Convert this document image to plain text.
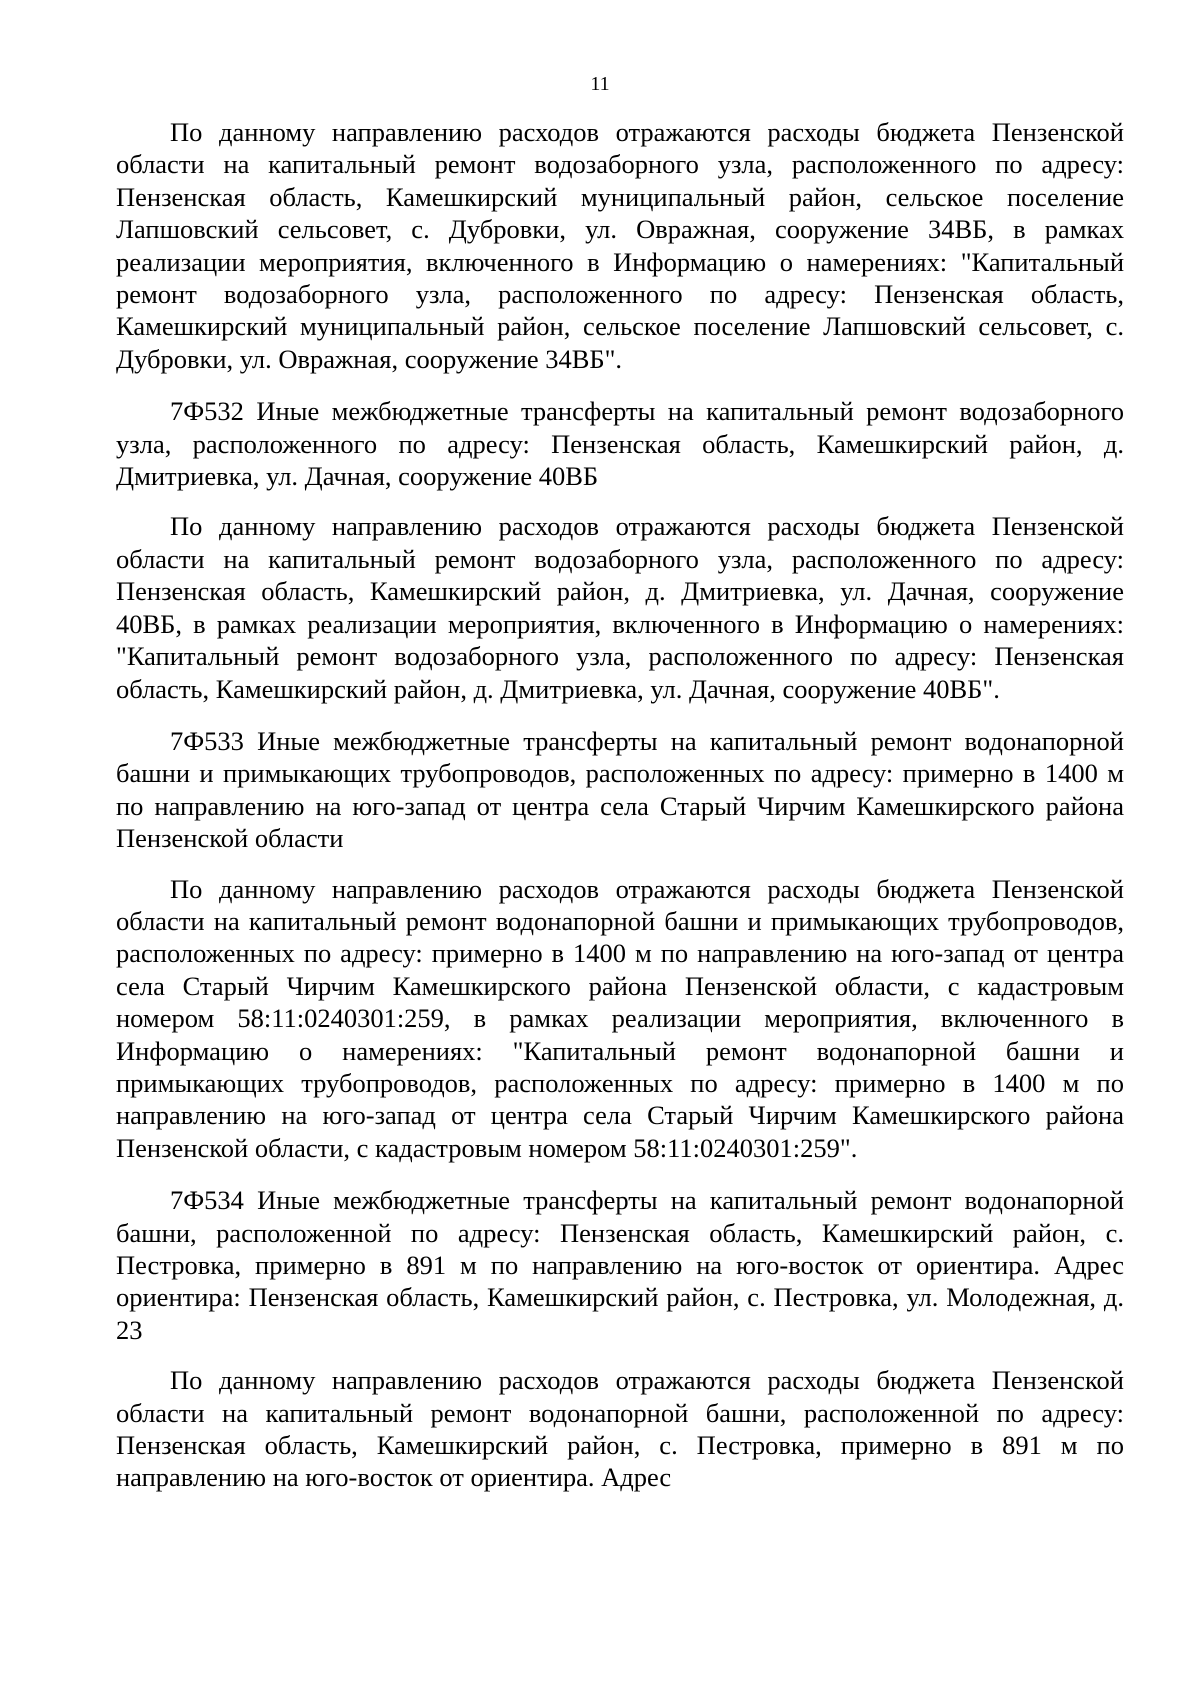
11

По данному направлению расходов отражаются расходы бюджета Пензенской области на капитальный ремонт водозаборного узла, расположенного по адресу: Пензенская область, Камешкирский муниципальный район, сельское поселение Лапшовский сельсовет, с. Дубровки, ул. Овражная, сооружение 34ВБ, в рамках реализации мероприятия, включенного в Информацию о намерениях: "Капитальный ремонт водозаборного узла, расположенного по адресу: Пензенская область, Камешкирский муниципальный район, сельское поселение Лапшовский сельсовет, с. Дубровки, ул. Овражная, сооружение 34ВБ".

7Ф532 Иные межбюджетные трансферты на капитальный ремонт водозаборного узла, расположенного по адресу: Пензенская область, Камешкирский район, д. Дмитриевка, ул. Дачная, сооружение 40ВБ

По данному направлению расходов отражаются расходы бюджета Пензенской области на капитальный ремонт водозаборного узла, расположенного по адресу: Пензенская область, Камешкирский район, д. Дмитриевка, ул. Дачная, сооружение 40ВБ, в рамках реализации мероприятия, включенного в Информацию о намерениях: "Капитальный ремонт водозаборного узла, расположенного по адресу: Пензенская область, Камешкирский район, д. Дмитриевка, ул. Дачная, сооружение 40ВБ".

7Ф533 Иные межбюджетные трансферты на капитальный ремонт водонапорной башни и примыкающих трубопроводов, расположенных по адресу: примерно в 1400 м по направлению на юго-запад от центра села Старый Чирчим Камешкирского района Пензенской области

По данному направлению расходов отражаются расходы бюджета Пензенской области на капитальный ремонт водонапорной башни и примыкающих трубопроводов, расположенных по адресу: примерно в 1400 м по направлению на юго-запад от центра села Старый Чирчим Камешкирского района Пензенской области, с кадастровым номером 58:11:0240301:259, в рамках реализации мероприятия, включенного в Информацию о намерениях: "Капитальный ремонт водонапорной башни и примыкающих трубопроводов, расположенных по адресу: примерно в 1400 м по направлению на юго-запад от центра села Старый Чирчим Камешкирского района Пензенской области, с кадастровым номером 58:11:0240301:259".

7Ф534 Иные межбюджетные трансферты на капитальный ремонт водонапорной башни, расположенной по адресу: Пензенская область, Камешкирский район, с. Пестровка, примерно в 891 м по направлению на юго-восток от ориентира. Адрес ориентира: Пензенская область, Камешкирский район, с. Пестровка, ул. Молодежная, д. 23

По данному направлению расходов отражаются расходы бюджета Пензенской области на капитальный ремонт водонапорной башни, расположенной по адресу: Пензенская область, Камешкирский район, с. Пестровка, примерно в 891 м по направлению на юго-восток от ориентира. Адрес
